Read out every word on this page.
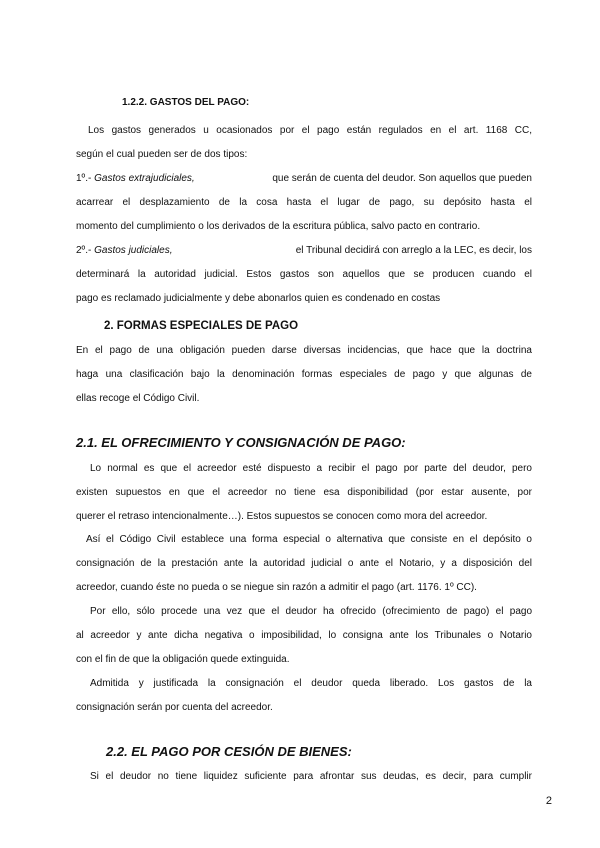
1.2.2. GASTOS DEL PAGO:
Los gastos generados u ocasionados por el pago están regulados en el art. 1168 CC,
según el cual pueden ser de dos tipos:
1º.- Gastos extrajudiciales,	que serán de cuenta del deudor. Son aquellos que pueden
acarrear el desplazamiento de la cosa hasta el lugar de pago, su depósito hasta el
momento del cumplimiento o los derivados de la escritura pública, salvo pacto en contrario.
2º.- Gastos judiciales,	el Tribunal decidirá con arreglo a la LEC, es decir, los
determinará la autoridad judicial. Estos gastos son aquellos que se producen cuando el
pago es reclamado judicialmente y debe abonarlos quien es condenado en costas
2. FORMAS ESPECIALES DE PAGO
En el pago de una obligación pueden darse diversas incidencias, que hace que la doctrina
haga una clasificación bajo la denominación formas especiales de pago y que algunas de
ellas recoge el Código Civil.
2.1. EL OFRECIMIENTO Y CONSIGNACIÓN DE PAGO:
Lo normal es que el acreedor esté dispuesto a recibir el pago por parte del deudor, pero
existen supuestos en que el acreedor no tiene esa disponibilidad (por estar ausente, por
querer el retraso intencionalmente…). Estos supuestos se conocen como mora del acreedor.
Así el Código Civil establece una forma especial o alternativa que consiste en el depósito o
consignación de la prestación ante la autoridad judicial o ante el Notario, y a disposición del
acreedor, cuando éste no pueda o se niegue sin razón a admitir el pago (art. 1176. 1º CC).
Por ello, sólo procede una vez que el deudor ha ofrecido (ofrecimiento de pago) el pago
al acreedor y ante dicha negativa o imposibilidad, lo consigna ante los Tribunales o Notario
con el fin de que la obligación quede extinguida.
Admitida y justificada la consignación el deudor queda liberado. Los gastos de la
consignación serán por cuenta del acreedor.
2.2. EL PAGO POR CESIÓN DE BIENES:
Si el deudor no tiene liquidez suficiente para afrontar sus deudas, es decir, para cumplir
2
